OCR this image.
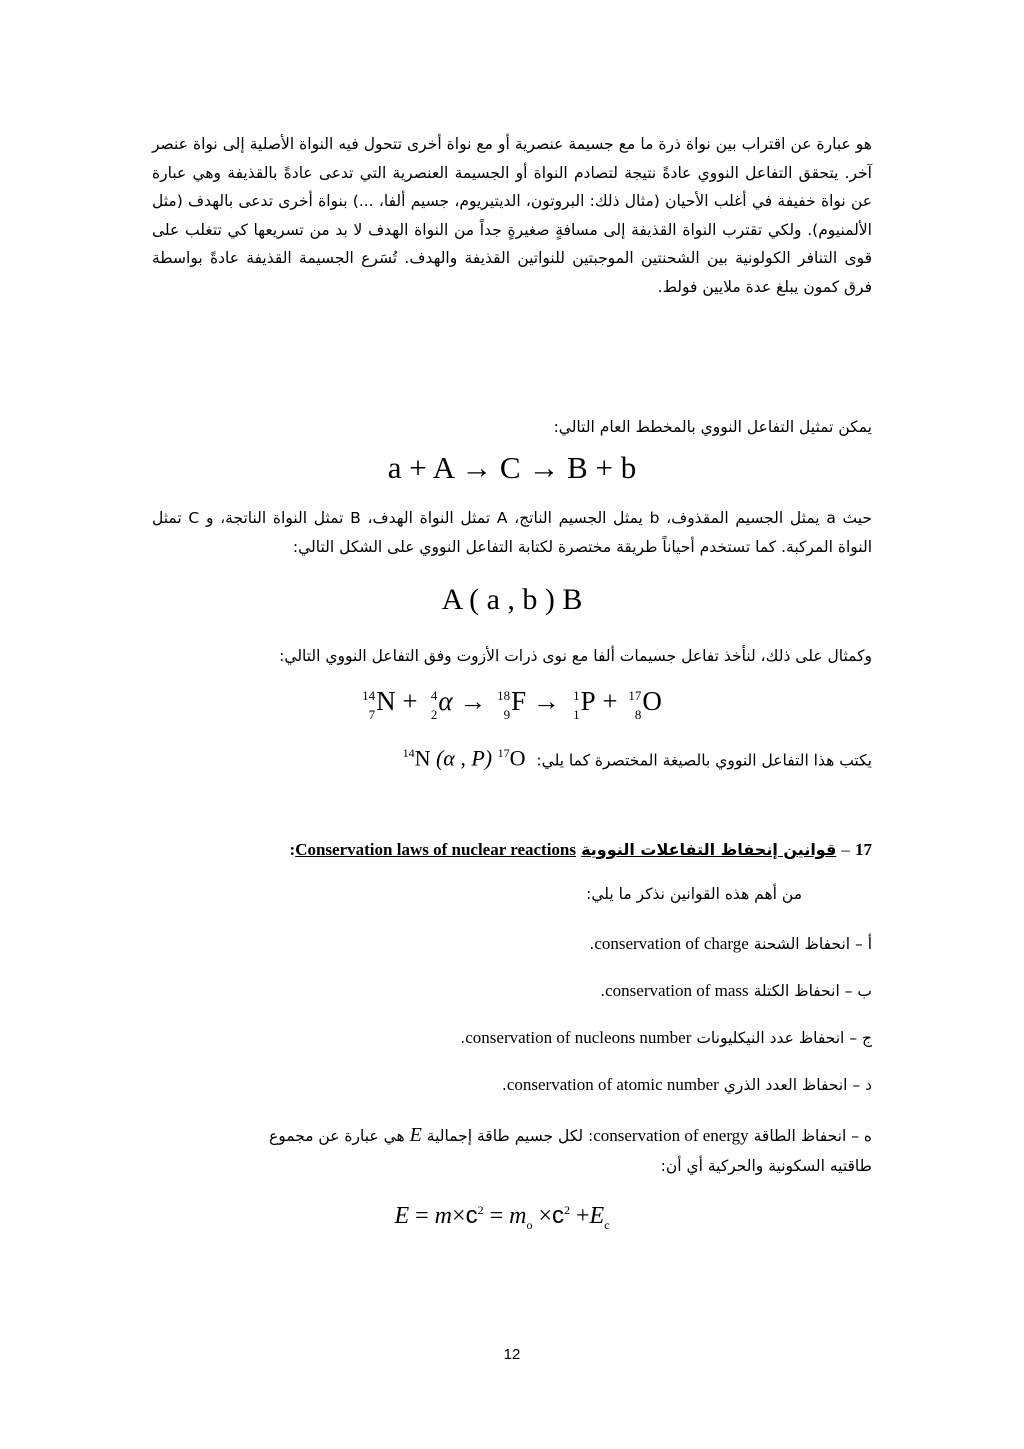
هو عبارة عن اقتراب بين نواة ذرة ما مع جسيمة عنصرية أو مع نواة أخرى تتحول فيه النواة الأصلية إلى نواة عنصر آخر. يتحقق التفاعل النووي عادةً نتيجة لتصادم النواة أو الجسيمة العنصرية التي تدعى عادةً بالقذيفة وهي عبارة عن نواة خفيفة في أغلب الأحيان (مثال ذلك: البروتون، الديتيريوم، جسيم ألفا، ...) بنواة أخرى تدعى بالهدف (مثل الألمنيوم). ولكي تقترب النواة القذيفة إلى مسافةٍ صغيرةٍ جداً من النواة الهدف لا بد من تسريعها كي تتغلب على قوى التنافر الكولونية بين الشحنتين الموجبتين للنواتين القذيفة والهدف. تُسَرع الجسيمة القذيفة عادةً بواسطة فرق كمون يبلغ عدة ملايين فولط.
يمكن تمثيل التفاعل النووي بالمخطط العام التالي:
a + A → C → B + b
حيث a يمثل الجسيم المقذوف، b يمثل الجسيم الناتج، A تمثل النواة الهدف، B تمثل النواة الناتجة، و C تمثل النواة المركبة. كما تستخدم أحياناً طريقة مختصرة لكتابة التفاعل النووي على الشكل التالي:
A ( a , b ) B
وكمثال على ذلك، لنأخذ تفاعل جسيمات ألفا مع نوى ذرات الأزوت وفق التفاعل النووي التالي:
14
7 N + 4
2 α → 18
9 F → 1
1 P + 17
8 O
يكتب هذا التفاعل النووي بالصيغة المختصرة كما يلي: $^{14}$N (α , P) $^{17}$O
17 – قوانين إنحفاظ التفاعلات النووية Conservation laws of nuclear reactions:
من أهم هذه القوانين نذكر ما يلي:
أ – انحفاظ الشحنة conservation of charge.
ب – انحفاظ الكتلة conservation of mass.
ج – انحفاظ عدد النيكليونات conservation of nucleons number.
د – انحفاظ العدد الذري conservation of atomic number.
ه – انحفاظ الطاقة conservation of energy: لكل جسيم طاقة إجمالية E هي عبارة عن مجموع
طاقتيه السكونية والحركية أي أن:
$E = m\times c^2 = m_o \times c^2 +E_c$
12
